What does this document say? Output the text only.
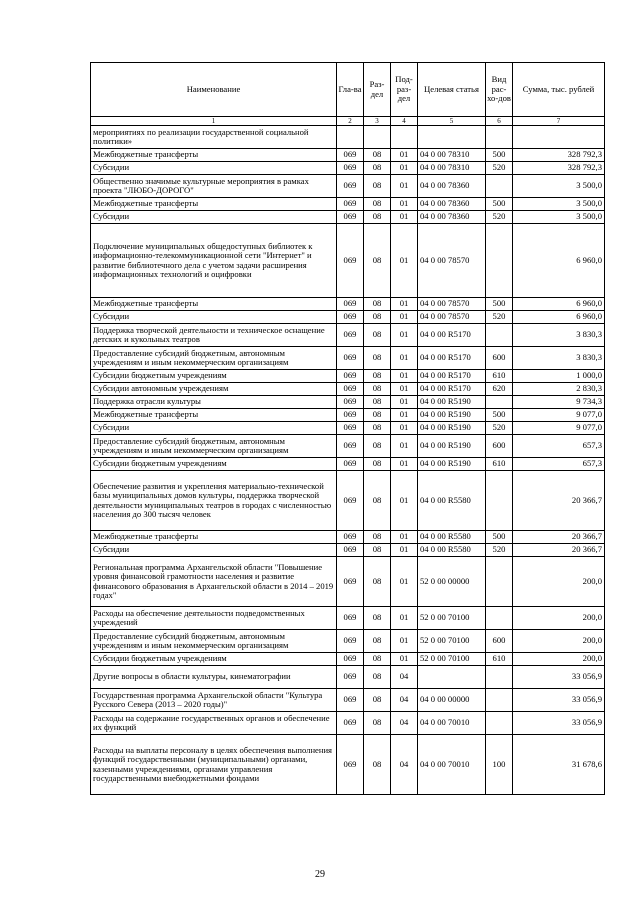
Наименование	Гла-ва	Раз-дел	Под-раз-дел	Целевая статья	Вид рас-хо-дов	Сумма, тыс. рублей
1	2	3	4	5	6	7
мероприятиях по реализации государственной социальной политики»						
Межбюджетные трансферты	069	08	01	04 0 00 78310	500	328 792,3
Субсидии	069	08	01	04 0 00 78310	520	328 792,3
Общественно значимые культурные мероприятия в рамках проекта "ЛЮБО-ДОРОГО"	069	08	01	04 0 00 78360		3 500,0
Межбюджетные трансферты	069	08	01	04 0 00 78360	500	3 500,0
Субсидии	069	08	01	04 0 00 78360	520	3 500,0
Подключение муниципальных общедоступных библиотек к информационно-телекоммуникационной сети "Интернет" и развитие библиотечного дела с учетом задачи расширения информационных технологий и оцифровки	069	08	01	04 0 00 78570		6 960,0
Межбюджетные трансферты	069	08	01	04 0 00 78570	500	6 960,0
Субсидии	069	08	01	04 0 00 78570	520	6 960,0
Поддержка творческой деятельности и техническое оснащение детских и кукольных театров	069	08	01	04 0 00 R5170		3 830,3
Предоставление субсидий бюджетным, автономным учреждениям и иным некоммерческим организациям	069	08	01	04 0 00 R5170	600	3 830,3
Субсидии бюджетным учреждениям	069	08	01	04 0 00 R5170	610	1 000,0
Субсидии автономным учреждениям	069	08	01	04 0 00 R5170	620	2 830,3
Поддержка отрасли культуры	069	08	01	04 0 00 R5190		9 734,3
Межбюджетные трансферты	069	08	01	04 0 00 R5190	500	9 077,0
Субсидии	069	08	01	04 0 00 R5190	520	9 077,0
Предоставление субсидий бюджетным, автономным учреждениям и иным некоммерческим организациям	069	08	01	04 0 00 R5190	600	657,3
Субсидии бюджетным учреждениям	069	08	01	04 0 00 R5190	610	657,3
Обеспечение развития и укрепления материально-технической базы муниципальных домов культуры, поддержка творческой деятельности муниципальных театров в городах с численностью населения до 300 тысяч человек	069	08	01	04 0 00 R5580		20 366,7
Межбюджетные трансферты	069	08	01	04 0 00 R5580	500	20 366,7
Субсидии	069	08	01	04 0 00 R5580	520	20 366,7
Региональная программа Архангельской области "Повышение уровня финансовой грамотности населения и развитие финансового образования в Архангельской области в 2014 – 2019 годах"	069	08	01	52 0 00 00000		200,0
Расходы на обеспечение деятельности подведомственных учреждений	069	08	01	52 0 00 70100		200,0
Предоставление субсидий бюджетным, автономным учреждениям и иным некоммерческим организациям	069	08	01	52 0 00 70100	600	200,0
Субсидии бюджетным учреждениям	069	08	01	52 0 00 70100	610	200,0
Другие вопросы в области культуры, кинематографии	069	08	04			33 056,9
Государственная программа Архангельской области "Культура Русского Севера (2013 – 2020 годы)"	069	08	04	04 0 00 00000		33 056,9
Расходы на содержание государственных органов и обеспечение их функций	069	08	04	04 0 00 70010		33 056,9
Расходы на выплаты персоналу в целях обеспечения выполнения функций государственными (муниципальными) органами, казенными учреждениями, органами управления государственными внебюджетными фондами	069	08	04	04 0 00 70010	100	31 678,6
29
